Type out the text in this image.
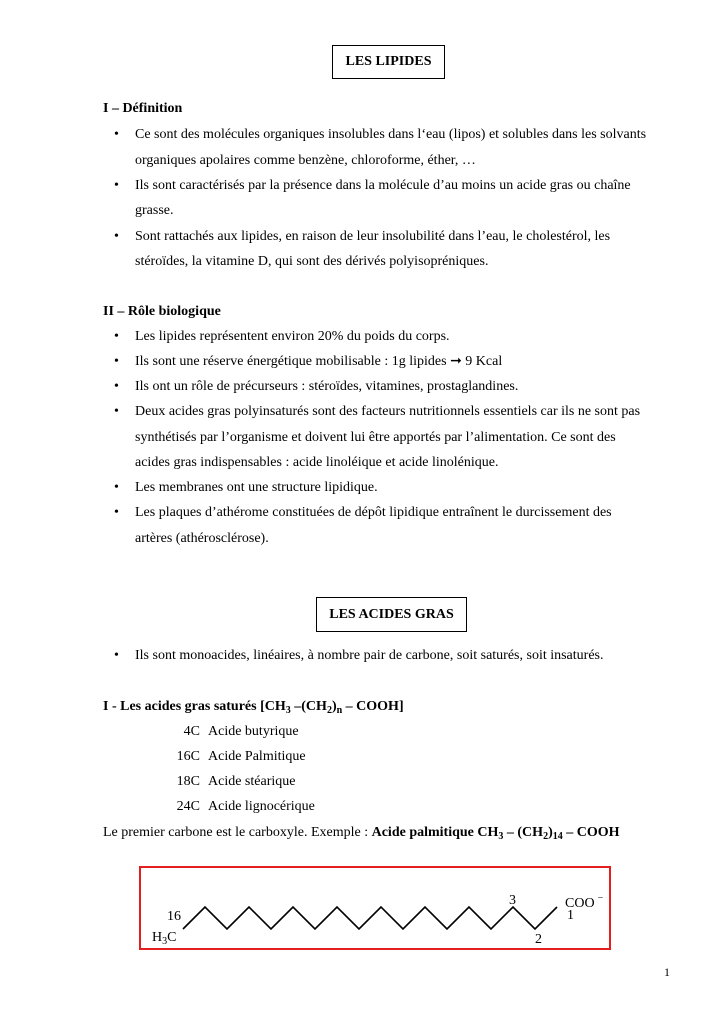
LES LIPIDES
I – Définition
•
Ce sont des molécules organiques insolubles dans l‘eau (lipos) et solubles dans les solvants
organiques apolaires comme benzène, chloroforme, éther, …
•
Ils sont caractérisés par la présence dans la molécule d’au moins un acide gras ou chaîne
grasse.
•
Sont rattachés aux lipides, en raison de leur insolubilité dans l’eau, le cholestérol, les
stéroïdes, la vitamine D, qui sont des dérivés polyisopréniques.
II – Rôle biologique
•
Les lipides représentent environ 20% du poids du corps.
•
Ils sont une réserve énergétique mobilisable : 1g lipides ➞ 9 Kcal
•
Ils ont un rôle de précurseurs : stéroïdes, vitamines, prostaglandines.
•
Deux acides gras polyinsaturés sont des facteurs nutritionnels essentiels car ils ne sont pas
synthétisés par l’organisme et doivent lui être apportés par l’alimentation. Ce sont des
acides gras indispensables : acide linoléique et acide linolénique.
•
Les membranes ont une structure lipidique.
•
Les plaques d’athérome constituées de dépôt lipidique entraînent le durcissement des
artères (athérosclérose).
LES ACIDES GRAS
•
Ils sont monoacides, linéaires, à nombre pair de carbone, soit saturés, soit insaturés.
I - Les acides gras saturés [$CH_3$ $-(CH_2)_n$ – COOH]
4C Acide butyrique
16C Acide Palmitique
18C Acide stéarique
24C Acide lignocérique
Le premier carbone est le carboxyle. Exemple : Acide palmitique $CH_3 - (CH_2)_{14}$ – COOH
16
$H_3C$
3	COO −
1
2
1
